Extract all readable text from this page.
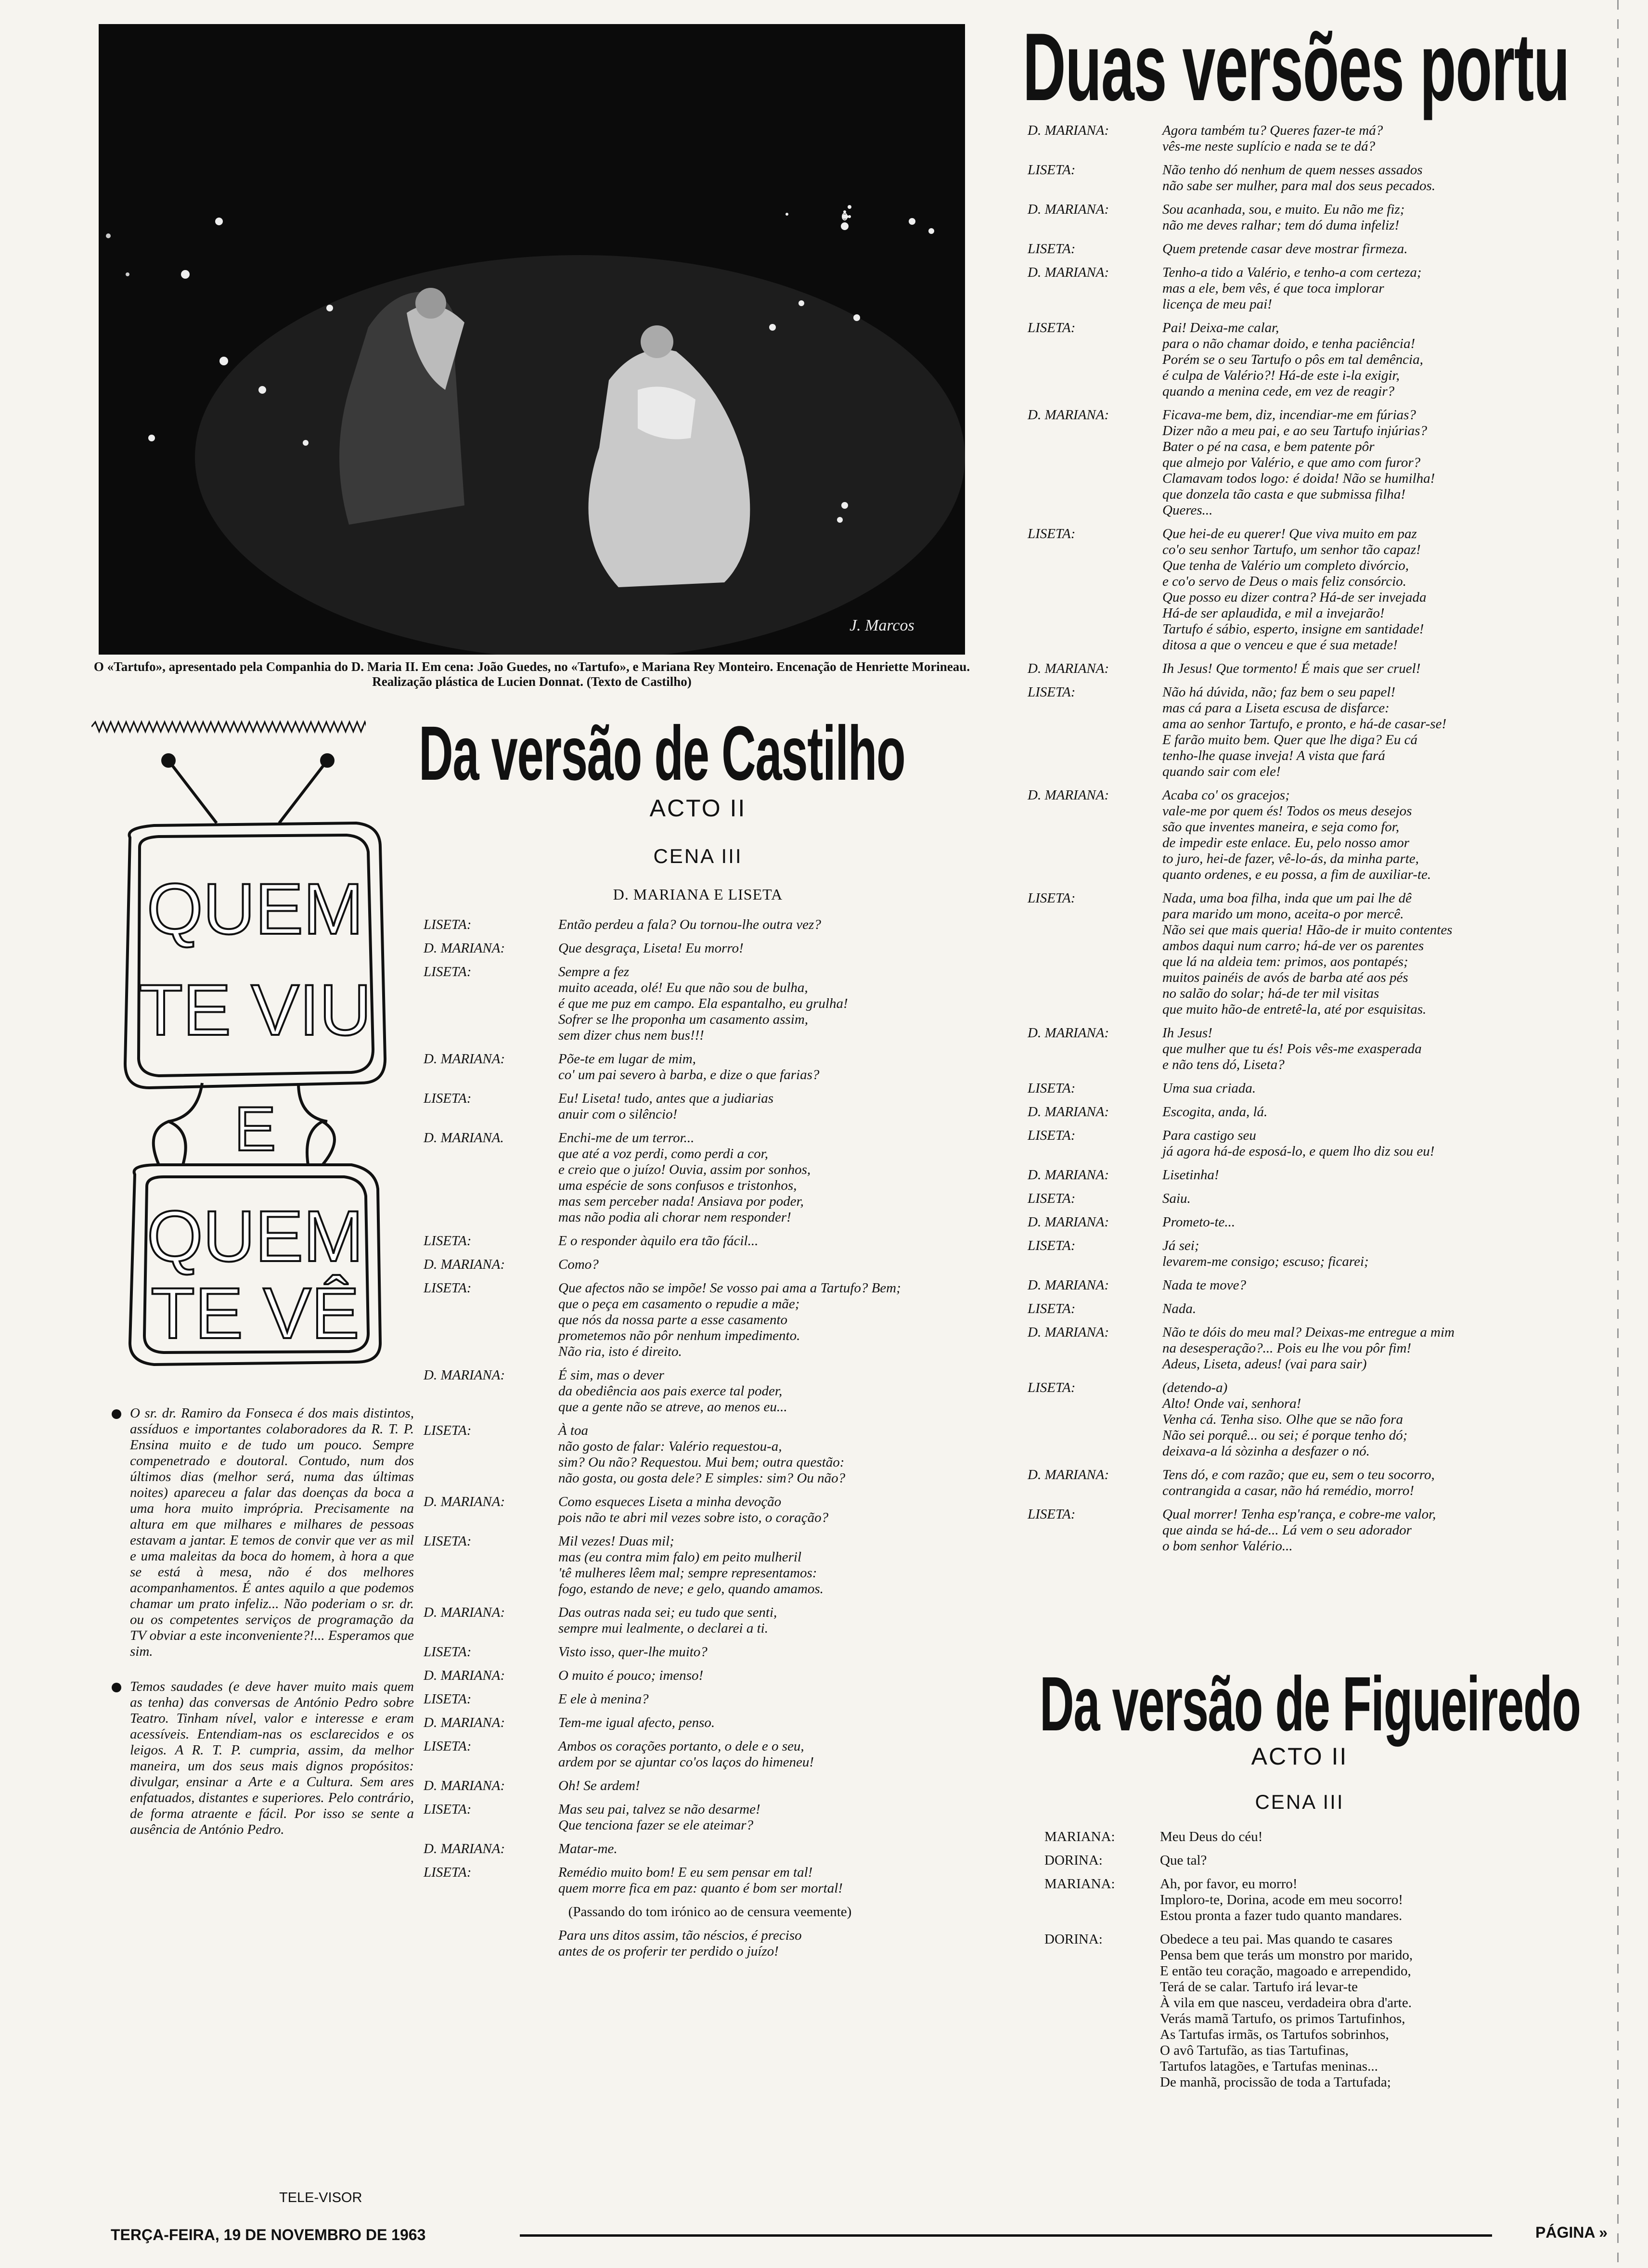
J. Marcos
O «Tartufo», apresentado pela Companhia do D. Maria II. Em cena: João Guedes, no «Tartufo», e Mariana Rey Monteiro. Encenação de Henriette Morineau. Realização plástica de Lucien Donnat. (Texto de Castilho)
QUEM
TE VIU
E
QUEM
TE VÊ

O sr. dr. Ramiro da Fonseca é dos mais distintos, assíduos e importantes colaboradores da R. T. P. Ensina muito e de tudo um pouco. Sempre compenetrado e doutoral. Contudo, num dos últimos dias (melhor será, numa das últimas noites) apareceu a falar das doenças da boca a uma hora muito imprópria. Precisamente na altura em que milhares e milhares de pessoas estavam a jantar. E temos de convir que ver as mil e uma maleitas da boca do homem, à hora a que se está à mesa, não é dos melhores acompanhamentos. É antes aquilo a que podemos chamar um prato infeliz... Não poderiam o sr. dr. ou os competentes serviços de programação da TV obviar a este inconveniente?!... Esperamos que sim.

Temos saudades (e deve haver muito mais quem as tenha) das conversas de António Pedro sobre Teatro. Tinham nível, valor e interesse e eram acessíveis. Entendiam-nas os esclarecidos e os leigos. A R. T. P. cumpria, assim, da melhor maneira, um dos seus mais dignos propósitos: divulgar, ensinar a Arte e a Cultura. Sem ares enfatuados, distantes e superiores. Pelo contrário, de forma atraente e fácil. Por isso se sente a ausência de António Pedro.

TELE-VISOR
Duas versões portu
Da versão de Castilho
ACTO II
CENA III
D. MARIANA E LISETA
Da versão de Figueiredo
ACTO II
CENA III
LISETA:	Então perdeu a fala? Ou tornou-lhe outra vez?
D. MARIANA:	Que desgraça, Liseta! Eu morro!
LISETA:	Sempre a fez
muito aceada, olé! Eu que não sou de bulha,
é que me puz em campo. Ela espantalho, eu grulha!
Sofrer se lhe proponha um casamento assim,
sem dizer chus nem bus!!!
D. MARIANA:	Põe-te em lugar de mim,
co' um pai severo à barba, e dize o que farias?
LISETA:	Eu! Liseta! tudo, antes que a judiarias
anuir com o silêncio!
D. MARIANA.	Enchi-me de um terror...
que até a voz perdi, como perdi a cor,
e creio que o juízo! Ouvia, assim por sonhos,
uma espécie de sons confusos e tristonhos,
mas sem perceber nada! Ansiava por poder,
mas não podia ali chorar nem responder!
LISETA:	E o responder àquilo era tão fácil...
D. MARIANA:	Como?
LISETA:	Que afectos não se impõe! Se vosso pai ama a Tartufo? Bem;
que o peça em casamento o repudie a mãe;
que nós da nossa parte a esse casamento
prometemos não pôr nenhum impedimento.
Não ria, isto é direito.
D. MARIANA:	É sim, mas o dever
da obediência aos pais exerce tal poder,
que a gente não se atreve, ao menos eu...
LISETA:	À toa
não gosto de falar: Valério requestou-a,
sim? Ou não? Requestou. Mui bem; outra questão:
não gosta, ou gosta dele? E simples: sim? Ou não?
D. MARIANA:	Como esqueces Liseta a minha devoção
pois não te abri mil vezes sobre isto, o coração?
LISETA:	Mil vezes! Duas mil;
mas (eu contra mim falo) em peito mulheril
'tê mulheres lêem mal; sempre representamos:
fogo, estando de neve; e gelo, quando amamos.
D. MARIANA:	Das outras nada sei; eu tudo que senti,
sempre mui lealmente, o declarei a ti.
LISETA:	Visto isso, quer-lhe muito?
D. MARIANA:	O muito é pouco; imenso!
LISETA:	E ele à menina?
D. MARIANA:	Tem-me igual afecto, penso.
LISETA:	Ambos os corações portanto, o dele e o seu,
ardem por se ajuntar co'os laços do himeneu!
D. MARIANA:	Oh! Se ardem!
LISETA:	Mas seu pai, talvez se não desarme!
Que tenciona fazer se ele ateimar?
D. MARIANA:	Matar-me.
LISETA:	Remédio muito bom! E eu sem pensar em tal!
quem morre fica em paz: quanto é bom ser mortal!
(Passando do tom irónico ao de censura veemente)
Para uns ditos assim, tão néscios, é preciso
antes de os proferir ter perdido o juízo!
D. MARIANA:	Agora também tu? Queres fazer-te má?
vês-me neste suplício e nada se te dá?
LISETA:	Não tenho dó nenhum de quem nesses assados
não sabe ser mulher, para mal dos seus pecados.
D. MARIANA:	Sou acanhada, sou, e muito. Eu não me fiz;
não me deves ralhar; tem dó duma infeliz!
LISETA:	Quem pretende casar deve mostrar firmeza.
D. MARIANA:	Tenho-a tido a Valério, e tenho-a com certeza;
mas a ele, bem vês, é que toca implorar
licença de meu pai!
LISETA:	Pai! Deixa-me calar,
para o não chamar doido, e tenha paciência!
Porém se o seu Tartufo o pôs em tal demência,
é culpa de Valério?! Há-de este i-la exigir,
quando a menina cede, em vez de reagir?
D. MARIANA:	Ficava-me bem, diz, incendiar-me em fúrias?
Dizer não a meu pai, e ao seu Tartufo injúrias?
Bater o pé na casa, e bem patente pôr
que almejo por Valério, e que amo com furor?
Clamavam todos logo: é doida! Não se humilha!
que donzela tão casta e que submissa filha!
Queres...
LISETA:	Que hei-de eu querer! Que viva muito em paz
co'o seu senhor Tartufo, um senhor tão capaz!
Que tenha de Valério um completo divórcio,
e co'o servo de Deus o mais feliz consórcio.
Que posso eu dizer contra? Há-de ser invejada
Há-de ser aplaudida, e mil a invejarão!
Tartufo é sábio, esperto, insigne em santidade!
ditosa a que o venceu e que é sua metade!
D. MARIANA:	Ih Jesus! Que tormento! É mais que ser cruel!
LISETA:	Não há dúvida, não; faz bem o seu papel!
mas cá para a Liseta escusa de disfarce:
ama ao senhor Tartufo, e pronto, e há-de casar-se!
E farão muito bem. Quer que lhe diga? Eu cá
tenho-lhe quase inveja! A vista que fará
quando sair com ele!
D. MARIANA:	Acaba co' os gracejos;
vale-me por quem és! Todos os meus desejos
são que inventes maneira, e seja como for,
de impedir este enlace. Eu, pelo nosso amor
to juro, hei-de fazer, vê-lo-ás, da minha parte,
quanto ordenes, e eu possa, a fim de auxiliar-te.
LISETA:	Nada, uma boa filha, inda que um pai lhe dê
para marido um mono, aceita-o por mercê.
Não sei que mais queria! Hão-de ir muito contentes
ambos daqui num carro; há-de ver os parentes
que lá na aldeia tem: primos, aos pontapés;
muitos painéis de avós de barba até aos pés
no salão do solar; há-de ter mil visitas
que muito hão-de entretê-la, até por esquisitas.
D. MARIANA:	Ih Jesus!
que mulher que tu és! Pois vês-me exasperada
e não tens dó, Liseta?
LISETA:	Uma sua criada.
D. MARIANA:	Escogita, anda, lá.
LISETA:	Para castigo seu
já agora há-de esposá-lo, e quem lho diz sou eu!
D. MARIANA:	Lisetinha!
LISETA:	Saiu.
D. MARIANA:	Prometo-te...
LISETA:	Já sei;
levarem-me consigo; escuso; ficarei;
D. MARIANA:	Nada te move?
LISETA:	Nada.
D. MARIANA:	Não te dóis do meu mal? Deixas-me entregue a mim
na desesperação?... Pois eu lhe vou pôr fim!
Adeus, Liseta, adeus! (vai para sair)
LISETA:	(detendo-a)
Alto! Onde vai, senhora!
Venha cá. Tenha siso. Olhe que se não fora
Não sei porquê... ou sei; é porque tenho dó;
deixava-a lá sòzinha a desfazer o nó.
D. MARIANA:	Tens dó, e com razão; que eu, sem o teu socorro,
contrangida a casar, não há remédio, morro!
LISETA:	Qual morrer! Tenha esp'rança, e cobre-me valor,
que ainda se há-de... Lá vem o seu adorador
o bom senhor Valério...
MARIANA:	Meu Deus do céu!
DORINA:	Que tal?
MARIANA:	Ah, por favor, eu morro!
Imploro-te, Dorina, acode em meu socorro!
Estou pronta a fazer tudo quanto mandares.
DORINA:	Obedece a teu pai. Mas quando te casares
Pensa bem que terás um monstro por marido,
E então teu coração, magoado e arrependido,
Terá de se calar. Tartufo irá levar-te
À vila em que nasceu, verdadeira obra d'arte.
Verás mamã Tartufo, os primos Tartufinhos,
As Tartufas irmãs, os Tartufos sobrinhos,
O avô Tartufão, as tias Tartufinas,
Tartufos latagões, e Tartufas meninas...
De manhã, procissão de toda a Tartufada;
TERÇA-FEIRA, 19 DE NOVEMBRO DE 1963	PÁGINA »
